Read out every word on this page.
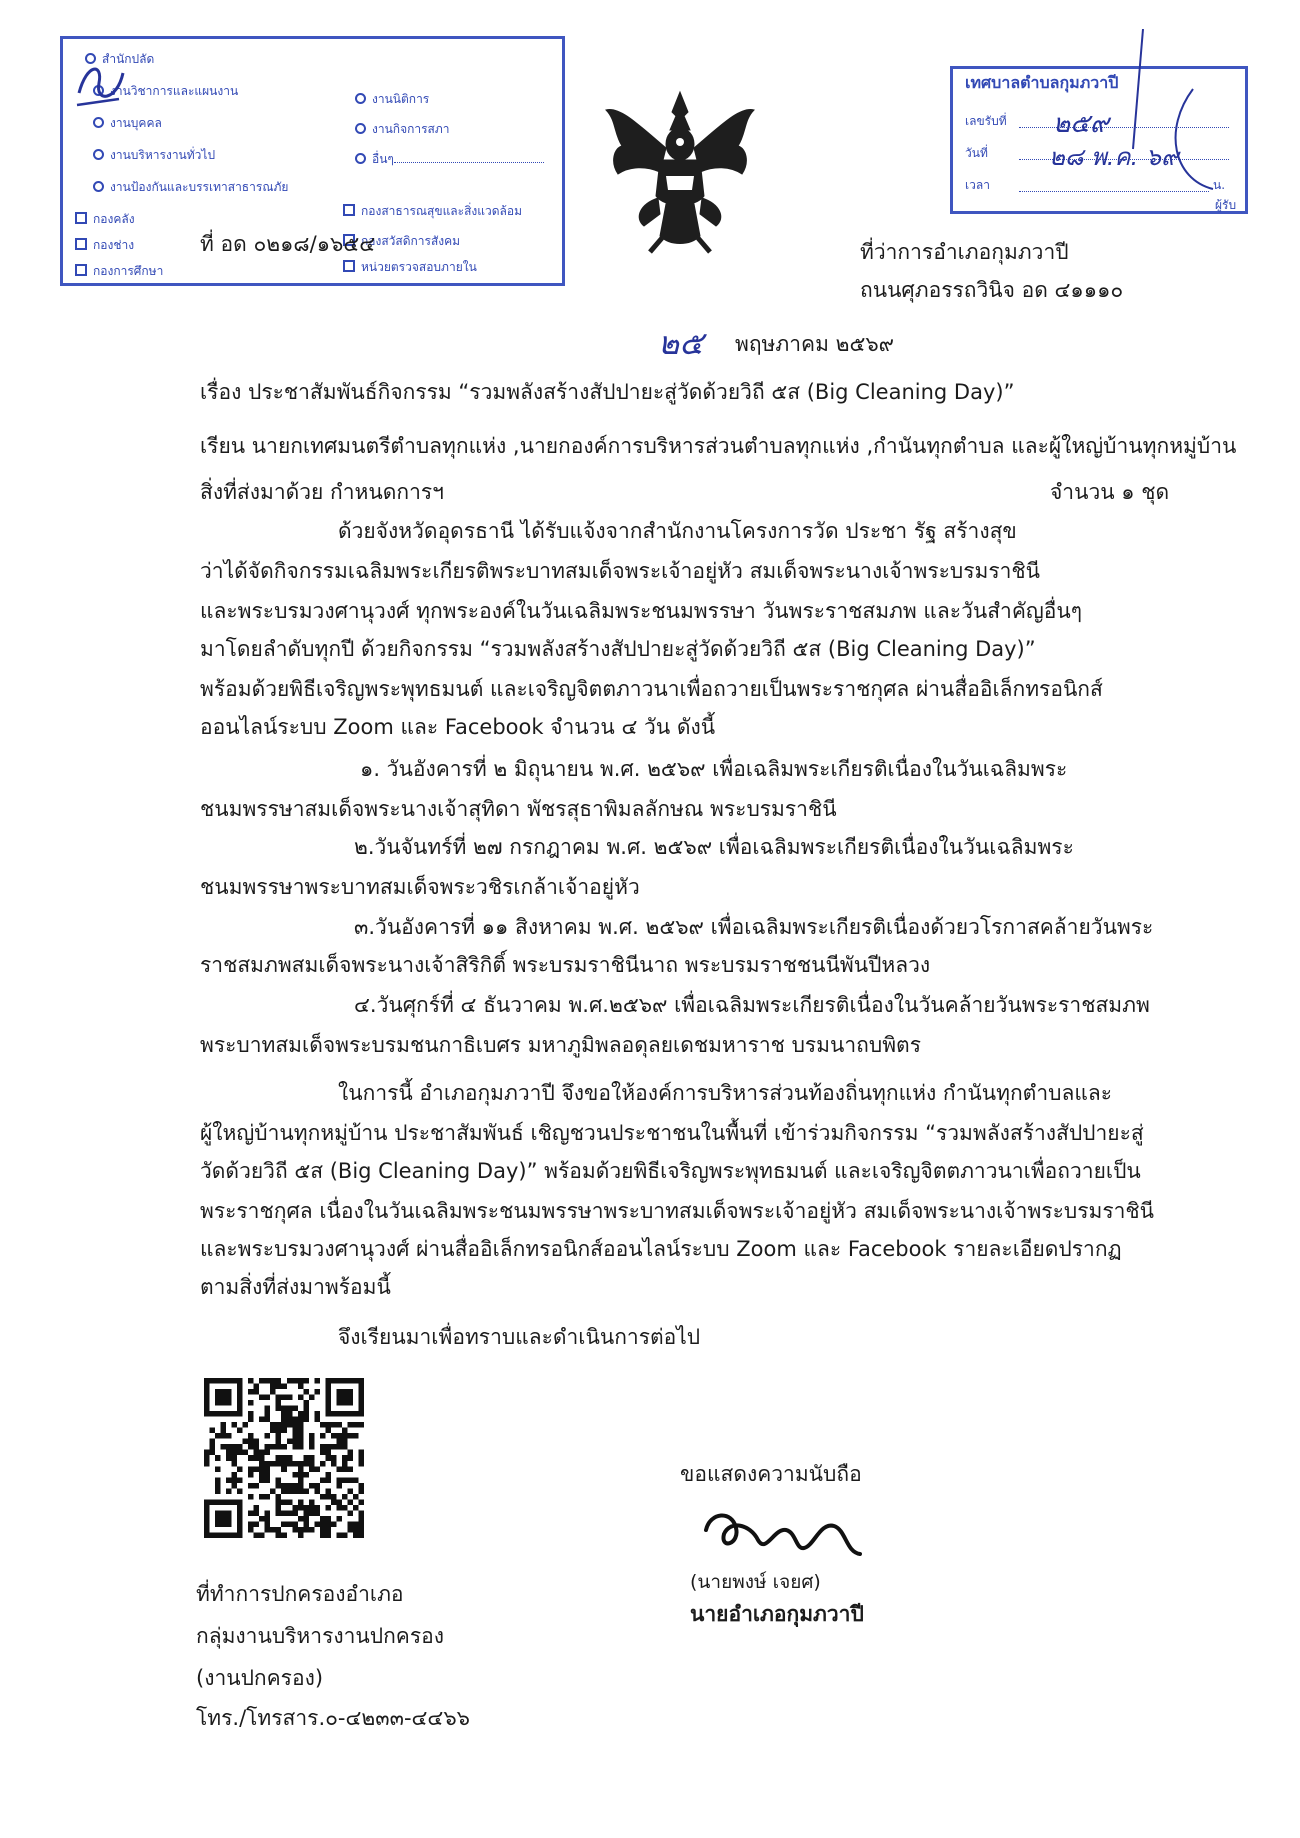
สำนักปลัด
งานวิชาการและแผนงาน
งานบุคคล
งานบริหารงานทั่วไป
งานป้องกันและบรรเทาสาธารณภัย
งานนิติการ
งานกิจการสภา
อื่นๆ
กองคลัง
กองช่าง
กองการศึกษา
กองสาธารณสุขและสิ่งแวดล้อม
กองสวัสดิการสังคม
หน่วยตรวจสอบภายใน
ที่ อด ๐๒๑๘/๑๖๕๔
เทศบาลตำบลกุมภวาปี
เลขรับที่
วันที่
เวลา	น.
ผู้รับ
๒๕๙
๒๘ พ.ค. ๖๙
ที่ว่าการอำเภอกุมภวาปี
ถนนศุภอรรถวินิจ อด ๔๑๑๑๐
๒๕ พฤษภาคม ๒๕๖๙
เรื่อง ประชาสัมพันธ์กิจกรรม “รวมพลังสร้างสัปปายะสู่วัดด้วยวิถี ๕ส (Big Cleaning Day)”
เรียน นายกเทศมนตรีตำบลทุกแห่ง ,นายกองค์การบริหารส่วนตำบลทุกแห่ง ,กำนันทุกตำบล และผู้ใหญ่บ้านทุกหมู่บ้าน
สิ่งที่ส่งมาด้วย กำหนดการฯ	จำนวน ๑ ชุด
ด้วยจังหวัดอุดรธานี ได้รับแจ้งจากสำนักงานโครงการวัด ประชา รัฐ สร้างสุข
ว่าได้จัดกิจกรรมเฉลิมพระเกียรติพระบาทสมเด็จพระเจ้าอยู่หัว สมเด็จพระนางเจ้าพระบรมราชินี
และพระบรมวงศานุวงศ์ ทุกพระองค์ในวันเฉลิมพระชนมพรรษา วันพระราชสมภพ และวันสำคัญอื่นๆ
มาโดยลำดับทุกปี ด้วยกิจกรรม “รวมพลังสร้างสัปปายะสู่วัดด้วยวิถี ๕ส (Big Cleaning Day)”
พร้อมด้วยพิธีเจริญพระพุทธมนต์ และเจริญจิตตภาวนาเพื่อถวายเป็นพระราชกุศล ผ่านสื่ออิเล็กทรอนิกส์
ออนไลน์ระบบ Zoom และ Facebook จำนวน ๔ วัน ดังนี้
๑. วันอังคารที่ ๒ มิถุนายน พ.ศ. ๒๕๖๙ เพื่อเฉลิมพระเกียรติเนื่องในวันเฉลิมพระ
ชนมพรรษาสมเด็จพระนางเจ้าสุทิดา พัชรสุธาพิมลลักษณ พระบรมราชินี
๒.วันจันทร์ที่ ๒๗ กรกฎาคม พ.ศ. ๒๕๖๙ เพื่อเฉลิมพระเกียรติเนื่องในวันเฉลิมพระ
ชนมพรรษาพระบาทสมเด็จพระวชิรเกล้าเจ้าอยู่หัว
๓.วันอังคารที่ ๑๑ สิงหาคม พ.ศ. ๒๕๖๙ เพื่อเฉลิมพระเกียรติเนื่องด้วยวโรกาสคล้ายวันพระ
ราชสมภพสมเด็จพระนางเจ้าสิริกิติ์ พระบรมราชินีนาถ พระบรมราชชนนีพันปีหลวง
๔.วันศุกร์ที่ ๔ ธันวาคม พ.ศ.๒๕๖๙ เพื่อเฉลิมพระเกียรติเนื่องในวันคล้ายวันพระราชสมภพ
พระบาทสมเด็จพระบรมชนกาธิเบศร มหาภูมิพลอดุลยเดชมหาราช บรมนาถบพิตร
ในการนี้ อำเภอกุมภวาปี จึงขอให้องค์การบริหารส่วนท้องถิ่นทุกแห่ง กำนันทุกตำบลและ
ผู้ใหญ่บ้านทุกหมู่บ้าน ประชาสัมพันธ์ เชิญชวนประชาชนในพื้นที่ เข้าร่วมกิจกรรม “รวมพลังสร้างสัปปายะสู่
วัดด้วยวิถี ๕ส (Big Cleaning Day)” พร้อมด้วยพิธีเจริญพระพุทธมนต์ และเจริญจิตตภาวนาเพื่อถวายเป็น
พระราชกุศล เนื่องในวันเฉลิมพระชนมพรรษาพระบาทสมเด็จพระเจ้าอยู่หัว สมเด็จพระนางเจ้าพระบรมราชินี
และพระบรมวงศานุวงศ์ ผ่านสื่ออิเล็กทรอนิกส์ออนไลน์ระบบ Zoom และ Facebook รายละเอียดปรากฏ
ตามสิ่งที่ส่งมาพร้อมนี้
จึงเรียนมาเพื่อทราบและดำเนินการต่อไป
ขอแสดงความนับถือ
(นายพงษ์ เจยศ)
นายอำเภอกุมภวาปี
ที่ทำการปกครองอำเภอ
กลุ่มงานบริหารงานปกครอง
(งานปกครอง)
โทร./โทรสาร.๐-๔๒๓๓-๔๔๖๖
